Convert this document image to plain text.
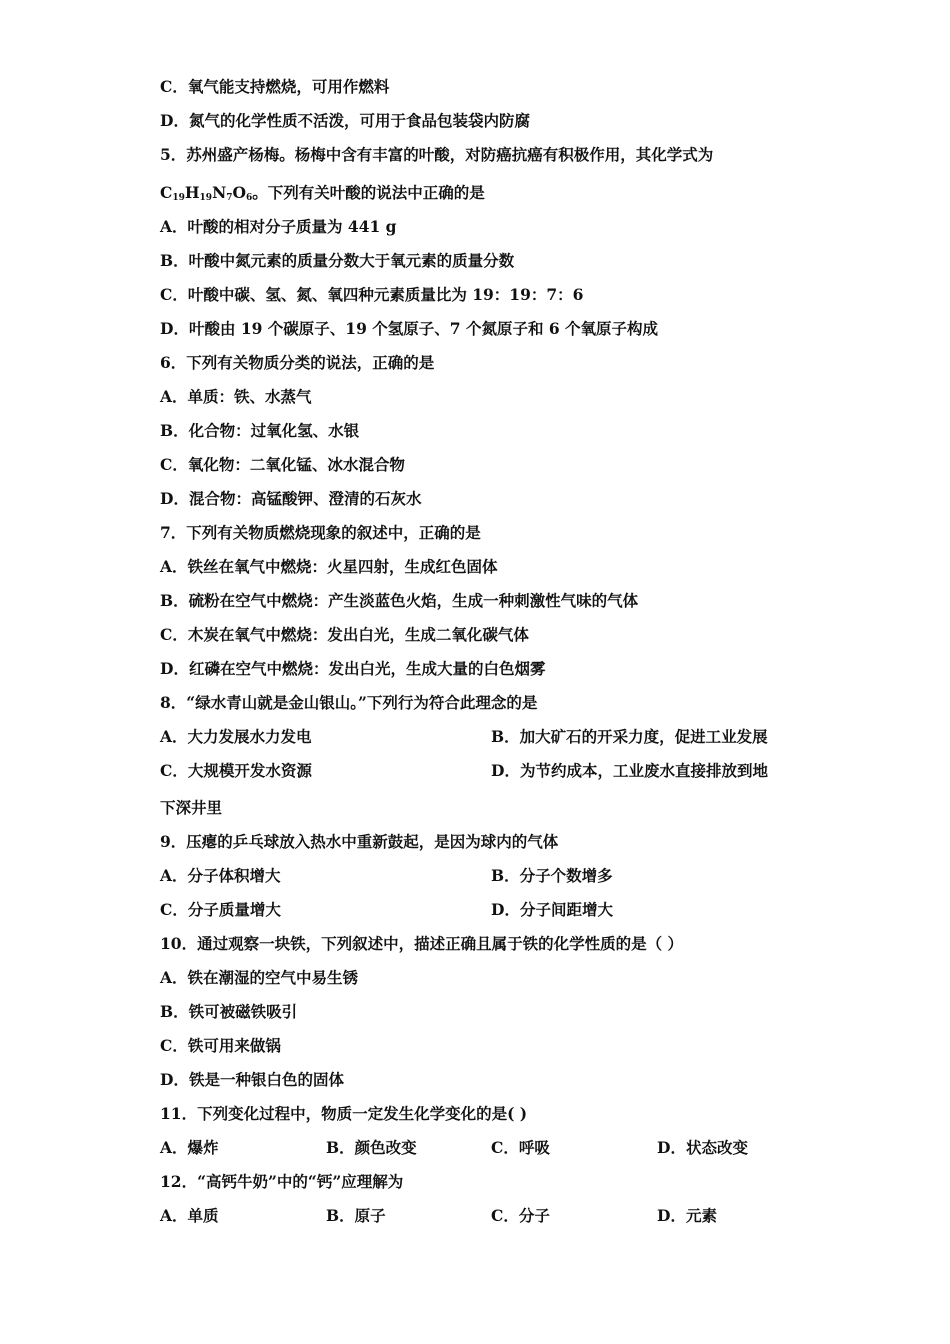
C．氧气能支持燃烧，可用作燃料
D．氮气的化学性质不活泼，可用于食品包装袋内防腐
5．苏州盛产杨梅。杨梅中含有丰富的叶酸，对防癌抗癌有积极作用，其化学式为
$C_{19}H_{19}N_7O_6$。下列有关叶酸的说法中正确的是
A．叶酸的相对分子质量为 441 g
B．叶酸中氮元素的质量分数大于氧元素的质量分数
C．叶酸中碳、氢、氮、氧四种元素质量比为 19：19：7：6
D．叶酸由 19 个碳原子、19 个氢原子、7 个氮原子和 6 个氧原子构成
6．下列有关物质分类的说法，正确的是
A．单质：铁、水蒸气
B．化合物：过氧化氢、水银
C．氧化物：二氧化锰、冰水混合物
D．混合物：高锰酸钾、澄清的石灰水
7．下列有关物质燃烧现象的叙述中，正确的是
A．铁丝在氧气中燃烧：火星四射，生成红色固体
B．硫粉在空气中燃烧：产生淡蓝色火焰，生成一种刺激性气味的气体
C．木炭在氧气中燃烧：发出白光，生成二氧化碳气体
D．红磷在空气中燃烧：发出白光，生成大量的白色烟雾
8．“绿水青山就是金山银山。”下列行为符合此理念的是
A．大力发展水力发电	B．加大矿石的开采力度，促进工业发展
C．大规模开发水资源	D．为节约成本，工业废水直接排放到地
下深井里
9．压瘪的乒乓球放入热水中重新鼓起，是因为球内的气体
A．分子体积增大	B．分子个数增多
C．分子质量增大	D．分子间距增大
10．通过观察一块铁，下列叙述中，描述正确且属于铁的化学性质的是（ ）
A．铁在潮湿的空气中易生锈
B．铁可被磁铁吸引
C．铁可用来做锅
D．铁是一种银白色的固体
11．下列变化过程中，物质一定发生化学变化的是( )
A．爆炸	B．颜色改变	C．呼吸	D．状态改变
12．“高钙牛奶”中的“钙”应理解为
A．单质	B．原子	C．分子	D．元素
